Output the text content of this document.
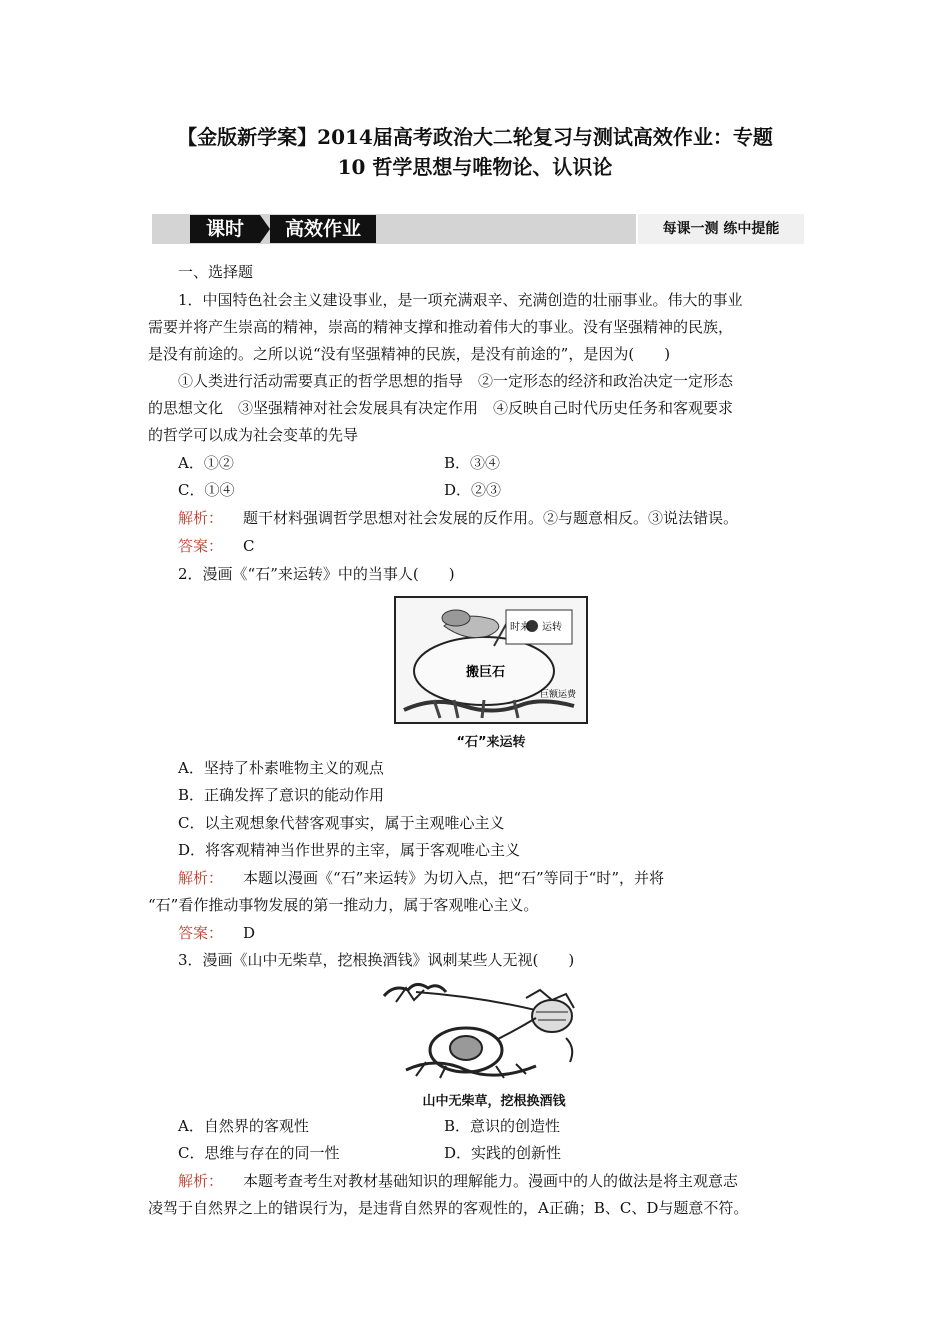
【金版新学案】2014届高考政治大二轮复习与测试高效作业：专题
10 哲学思想与唯物论、认识论
课时	高效作业	每课一测 练中提能
一、选择题
1．中国特色社会主义建设事业，是一项充满艰辛、充满创造的壮丽事业。伟大的事业
需要并将产生崇高的精神，崇高的精神支撑和推动着伟大的事业。没有坚强精神的民族，
是没有前途的。之所以说“没有坚强精神的民族，是没有前途的”，是因为(　　)
①人类进行活动需要真正的哲学思想的指导　②一定形态的经济和政治决定一定形态
的思想文化　③坚强精神对社会发展具有决定作用　④反映自己时代历史任务和客观要求
的哲学可以成为社会变革的先导
A．①②	B．③④
C．①④	D．②③
解析： 题干材料强调哲学思想对社会发展的反作用。②与题意相反。③说法错误。
答案： C
2．漫画《“石”来运转》中的当事人(　　)
时来 运转
搬巨石
巨额运费
“石”来运转
A．坚持了朴素唯物主义的观点
B．正确发挥了意识的能动作用
C．以主观想象代替客观事实，属于主观唯心主义
D．将客观精神当作世界的主宰，属于客观唯心主义
解析： 本题以漫画《“石”来运转》为切入点，把“石”等同于“时”，并将
“石”看作推动事物发展的第一推动力，属于客观唯心主义。
答案： D
3．漫画《山中无柴草，挖根换酒钱》讽刺某些人无视(　　)
山中无柴草，挖根换酒钱
A．自然界的客观性	B．意识的创造性
C．思维与存在的同一性	D．实践的创新性
解析： 本题考查考生对教材基础知识的理解能力。漫画中的人的做法是将主观意志
凌驾于自然界之上的错误行为，是违背自然界的客观性的，A正确；B、C、D与题意不符。
